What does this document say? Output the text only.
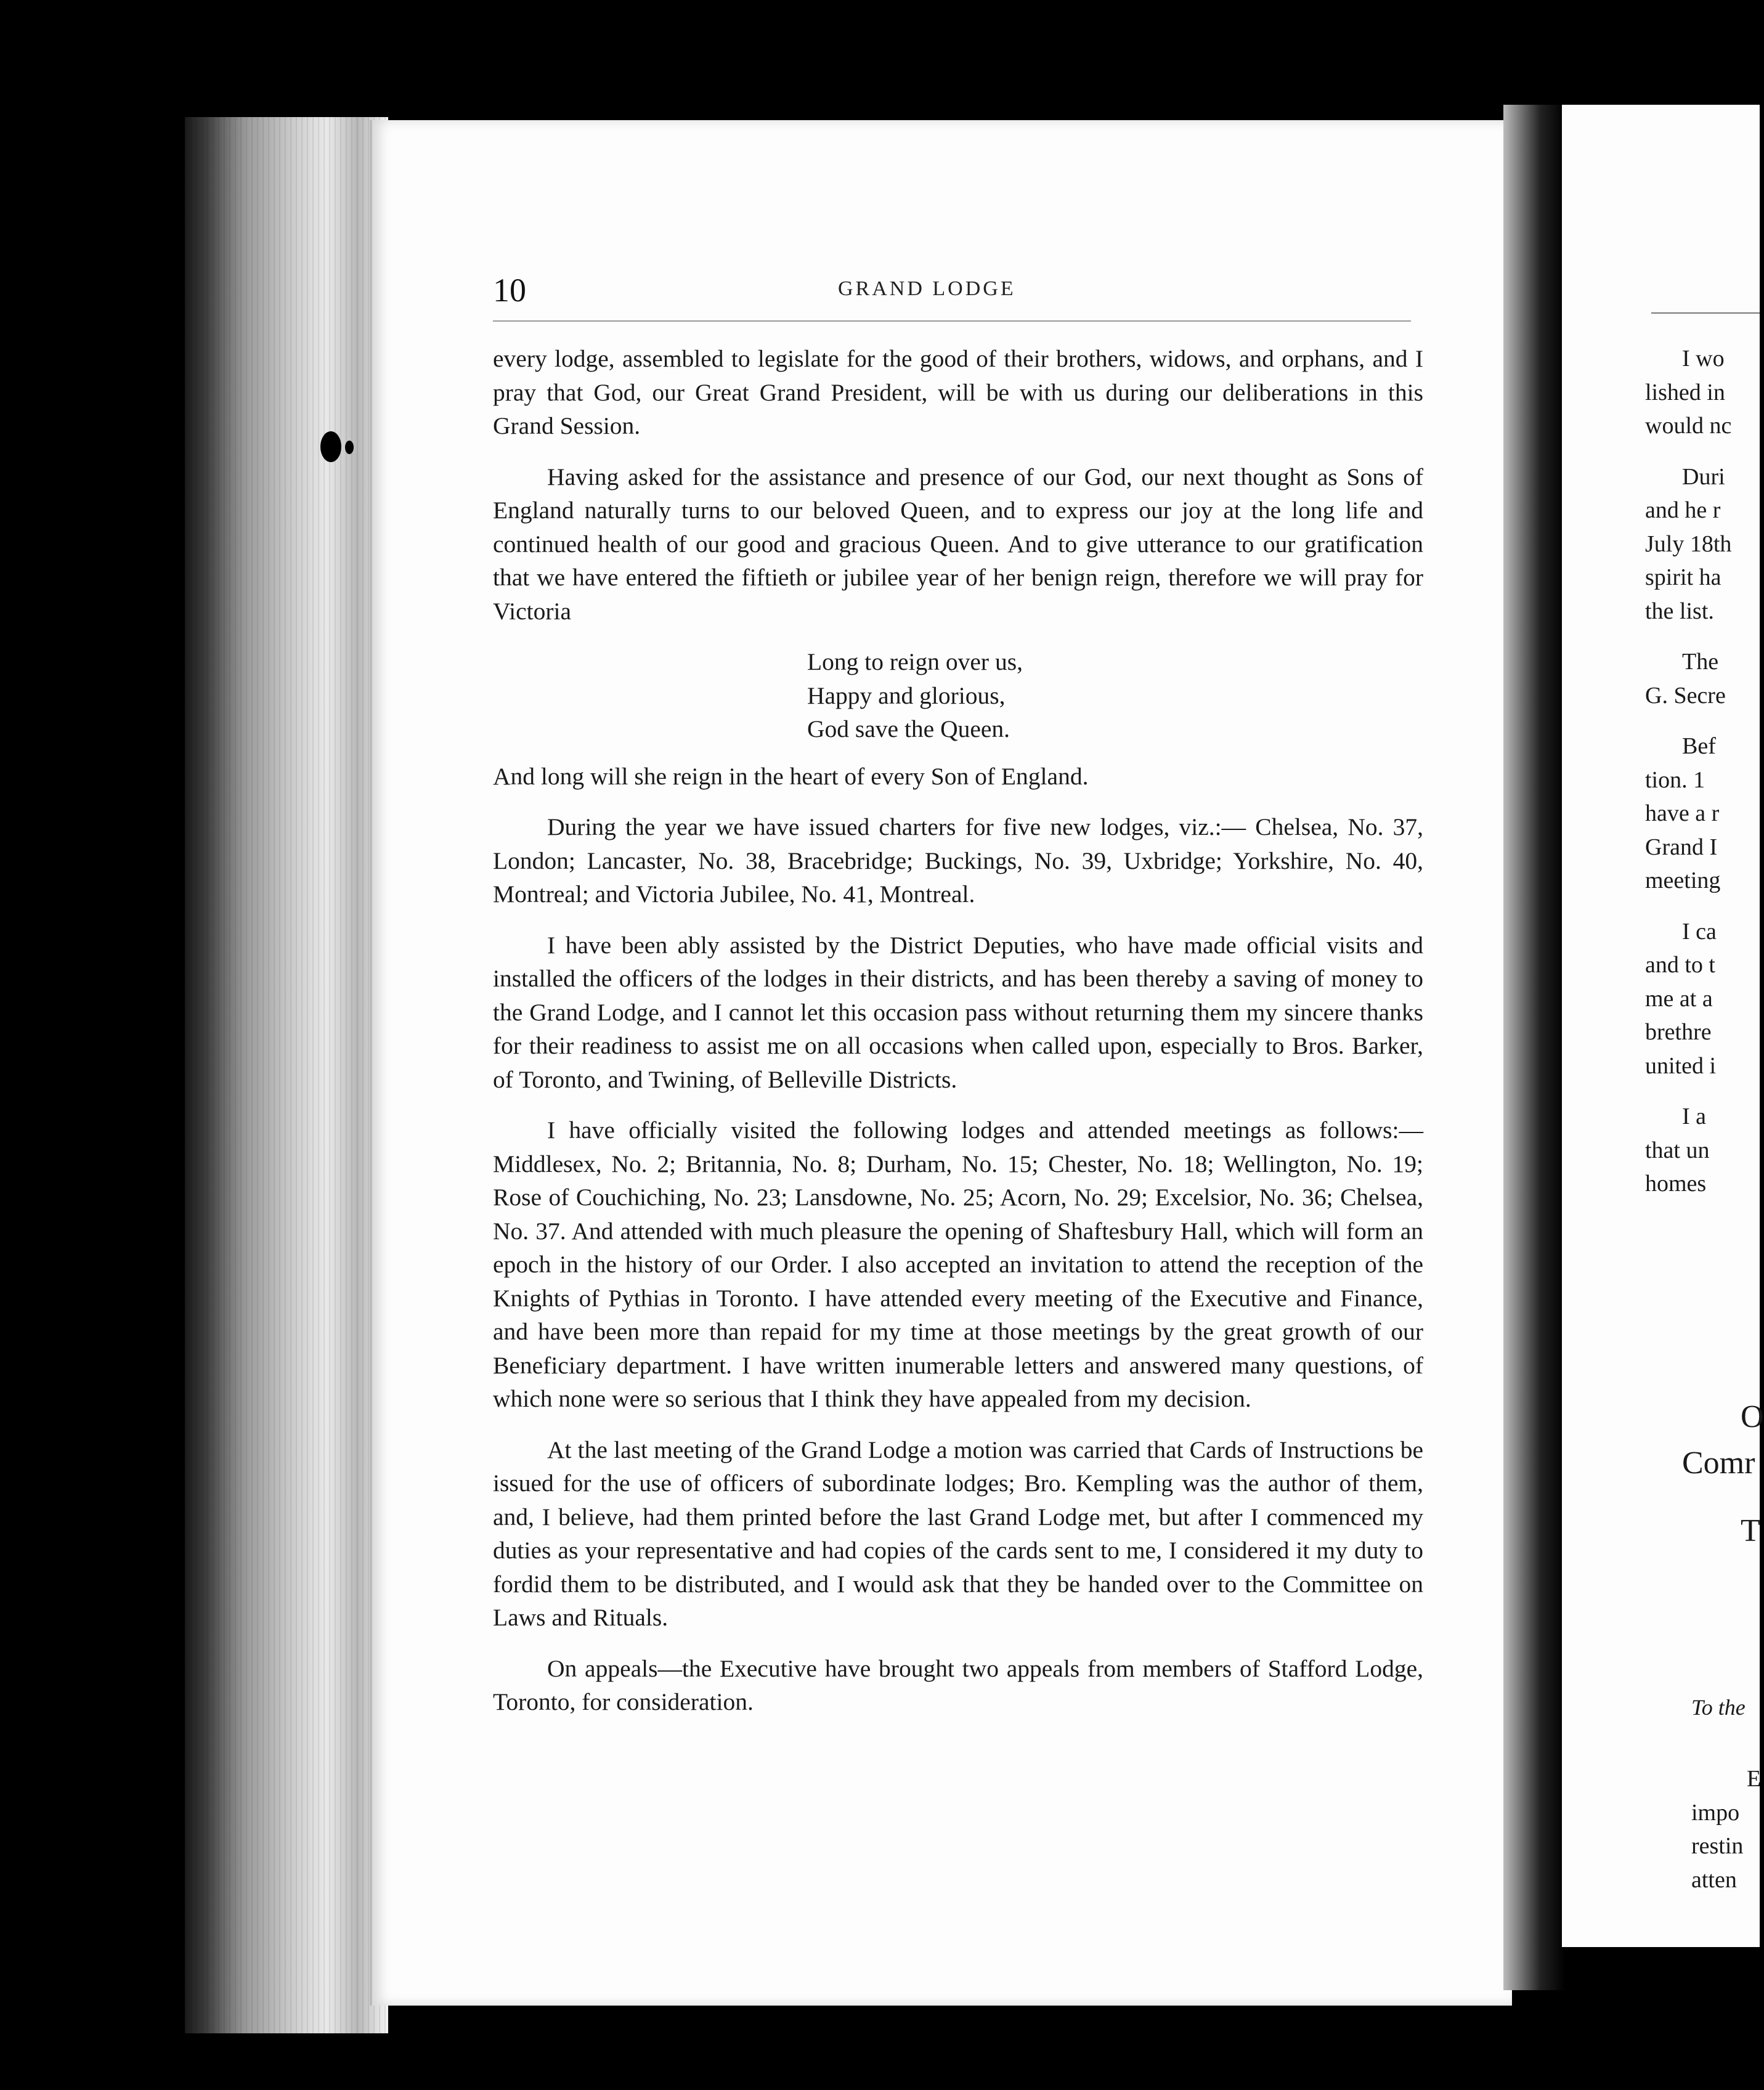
10	GRAND LODGE

every lodge, assembled to legislate for the good of their brothers, widows, and orphans, and I pray that God, our Great Grand President, will be with us during our deliberations in this Grand Session.

Having asked for the assistance and presence of our God, our next thought as Sons of England naturally turns to our beloved Queen, and to express our joy at the long life and continued health of our good and gracious Queen. And to give utterance to our gratification that we have entered the fiftieth or jubilee year of her benign reign, therefore we will pray for Victoria

Long to reign over us,
Happy and glorious,
God save the Queen.

And long will she reign in the heart of every Son of England.

During the year we have issued charters for five new lodges, viz.:— Chelsea, No. 37, London; Lancaster, No. 38, Bracebridge; Buckings, No. 39, Uxbridge; Yorkshire, No. 40, Montreal; and Victoria Jubilee, No. 41, Montreal.

I have been ably assisted by the District Deputies, who have made official visits and installed the officers of the lodges in their districts, and has been thereby a saving of money to the Grand Lodge, and I cannot let this occasion pass without returning them my sincere thanks for their readiness to assist me on all occasions when called upon, especially to Bros. Barker, of Toronto, and Twining, of Belleville Districts.

I have officially visited the following lodges and attended meetings as follows:—Middlesex, No. 2; Britannia, No. 8; Durham, No. 15; Chester, No. 18; Wellington, No. 19; Rose of Couchiching, No. 23; Lansdowne, No. 25; Acorn, No. 29; Excelsior, No. 36; Chelsea, No. 37. And attended with much pleasure the opening of Shaftesbury Hall, which will form an epoch in the history of our Order. I also accepted an invitation to attend the reception of the Knights of Pythias in Toronto. I have attended every meeting of the Executive and Finance, and have been more than repaid for my time at those meetings by the great growth of our Beneficiary department. I have written inumerable letters and answered many questions, of which none were so serious that I think they have appealed from my decision.

At the last meeting of the Grand Lodge a motion was carried that Cards of Instructions be issued for the use of officers of subordinate lodges; Bro. Kempling was the author of them, and, I believe, had them printed before the last Grand Lodge met, but after I commenced my duties as your representative and had copies of the cards sent to me, I considered it my duty to fordid them to be distributed, and I would ask that they be handed over to the Committee on Laws and Rituals.

On appeals—the Executive have brought two appeals from members of Stafford Lodge, Toronto, for consideration.

I wo
lished in
would nc
Duri
and he r
July 18th
spirit ha
the list.
The
G. Secre
Bef
tion. 1
have a r
Grand I
meeting
I ca
and to t
me at a
brethre
united i
I a
that un
homes
O
Comr
T
To the
E
impo
restin
atten
